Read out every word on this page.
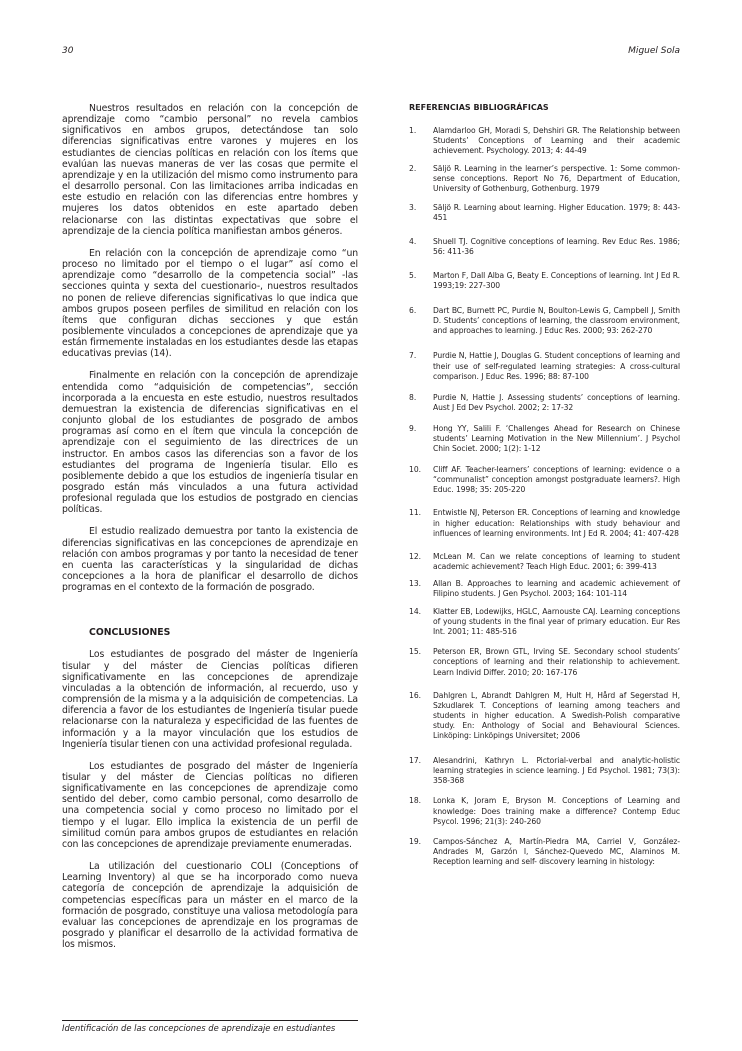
30	Miguel Sola

Nuestros resultados en relación con la concepción de aprendizaje como “cambio personal” no revela cambios significativos en ambos grupos, detectándose tan solo diferencias significativas entre varones y mujeres en los estudiantes de ciencias políticas en relación con los ítems que evalúan las nuevas maneras de ver las cosas que permite el aprendizaje y en la utilización del mismo como instrumento para el desarrollo personal. Con las limitaciones arriba indicadas en este estudio en relación con las diferencias entre hombres y mujeres los datos obtenidos en este apartado deben relacionarse con las distintas expectativas que sobre el aprendizaje de la ciencia política manifiestan ambos géneros.

En relación con la concepción de aprendizaje como “un proceso no limitado por el tiempo o el lugar” así como el aprendizaje como “desarrollo de la competencia social” -las secciones quinta y sexta del cuestionario-, nuestros resultados no ponen de relieve diferencias significativas lo que indica que ambos grupos poseen perfiles de similitud en relación con los ítems que configuran dichas secciones y que están posiblemente vinculados a concepciones de aprendizaje que ya están firmemente instaladas en los estudiantes desde las etapas educativas previas (14).

Finalmente en relación con la concepción de aprendizaje entendida como “adquisición de competencias”, sección incorporada a la encuesta en este estudio, nuestros resultados demuestran la existencia de diferencias significativas en el conjunto global de los estudiantes de posgrado de ambos programas así como en el ítem que vincula la concepción de aprendizaje con el seguimiento de las directrices de un instructor. En ambos casos las diferencias son a favor de los estudiantes del programa de Ingeniería tisular. Ello es posiblemente debido a que los estudios de ingeniería tisular en posgrado están más vinculados a una futura actividad profesional regulada que los estudios de postgrado en ciencias políticas.

El estudio realizado demuestra por tanto la existencia de diferencias significativas en las concepciones de aprendizaje en relación con ambos programas y por tanto la necesidad de tener en cuenta las características y la singularidad de dichas concepciones a la hora de planificar el desarrollo de dichos programas en el contexto de la formación de posgrado.

CONCLUSIONES

Los estudiantes de posgrado del máster de Ingeniería tisular y del máster de Ciencias políticas difieren significativamente en las concepciones de aprendizaje vinculadas a la obtención de información, al recuerdo, uso y comprensión de la misma y a la adquisición de competencias. La diferencia a favor de los estudiantes de Ingeniería tisular puede relacionarse con la naturaleza y especificidad de las fuentes de información y a la mayor vinculación que los estudios de Ingeniería tisular tienen con una actividad profesional regulada.

Los estudiantes de posgrado del máster de Ingeniería tisular y del máster de Ciencias políticas no difieren significativamente en las concepciones de aprendizaje como sentido del deber, como cambio personal, como desarrollo de una competencia social y como proceso no limitado por el tiempo y el lugar. Ello implica la existencia de un perfil de similitud común para ambos grupos de estudiantes en relación con las concepciones de aprendizaje previamente enumeradas.

La utilización del cuestionario COLI (Conceptions of Learning Inventory) al que se ha incorporado como nueva categoría de concepción de aprendizaje la adquisición de competencias específicas para un máster en el marco de la formación de posgrado, constituye una valiosa metodología para evaluar las concepciones de aprendizaje en los programas de posgrado y planificar el desarrollo de la actividad formativa de los mismos.

REFERENCIAS BIBLIOGRÁFICAS
1.	Alamdarloo GH, Moradi S, Dehshiri GR. The Relationship between Students’ Conceptions of Learning and their academic achievement. Psychology. 2013; 4: 44-49
2.	Säljö R. Learning in the learner’s perspective. 1: Some common-sense conceptions. Report No 76, Department of Education, University of Gothenburg, Gothenburg. 1979
3.	Säljö R. Learning about learning. Higher Education. 1979; 8: 443-451
4.	Shuell TJ. Cognitive conceptions of learning. Rev Educ Res. 1986; 56: 411-36
5.	Marton F, Dall Alba G, Beaty E. Conceptions of learning. Int J Ed R. 1993;19: 227-300
6.	Dart BC, Burnett PC, Purdie N, Boulton-Lewis G, Campbell J, Smith D. Students’ conceptions of learning, the classroom environment, and approaches to learning. J Educ Res. 2000; 93: 262-270
7.	Purdie N, Hattie J, Douglas G. Student conceptions of learning and their use of self-regulated learning strategies: A cross-cultural comparison. J Educ Res. 1996; 88: 87-100
8.	Purdie N, Hattie J. Assessing students’ conceptions of learning. Aust J Ed Dev Psychol. 2002; 2: 17-32
9.	Hong YY, Salili F. ‘Challenges Ahead for Research on Chinese students’ Learning Motivation in the New Millennium’. J Psychol Chin Societ. 2000; 1(2): 1-12
10.	Cliff AF. Teacher-learners’ conceptions of learning: evidence o a “communalist” conception amongst postgraduate learners?. High Educ. 1998; 35: 205-220
11.	Entwistle NJ, Peterson ER. Conceptions of learning and knowledge in higher education: Relationships with study behaviour and influences of learning environments. Int J Ed R. 2004; 41: 407-428
12.	McLean M. Can we relate conceptions of learning to student academic achievement? Teach High Educ. 2001; 6: 399-413
13.	Allan B. Approaches to learning and academic achievement of Filipino students. J Gen Psychol. 2003; 164: 101-114
14.	Klatter EB, Lodewijks, HGLC, Aarnouste CAJ. Learning conceptions of young students in the final year of primary education. Eur Res Int. 2001; 11: 485-516
15.	Peterson ER, Brown GTL, Irving SE. Secondary school students’ conceptions of learning and their relationship to achievement. Learn Individ Differ. 2010; 20: 167-176
16.	Dahlgren L, Abrandt Dahlgren M, Hult H, Hård af Segerstad H, Szkudlarek T. Conceptions of learning among teachers and students in higher education. A Swedish-Polish comparative study. En: Anthology of Social and Behavioural Sciences. Linköping: Linköpings Universitet; 2006
17.	Alesandrini, Kathryn L. Pictorial-verbal and analytic-holistic learning strategies in science learning. J Ed Psychol. 1981; 73(3): 358-368
18.	Lonka K, Joram E, Bryson M. Conceptions of Learning and knowledge: Does training make a difference? Contemp Educ Psycol. 1996; 21(3): 240-260
19.	Campos-Sánchez A, Martín-Piedra MA, Carriel V, González-Andrades M, Garzón I, Sánchez-Quevedo MC, Alaminos M. Reception learning and self- discovery learning in histology:
Identificación de las concepciones de aprendizaje en estudiantes
